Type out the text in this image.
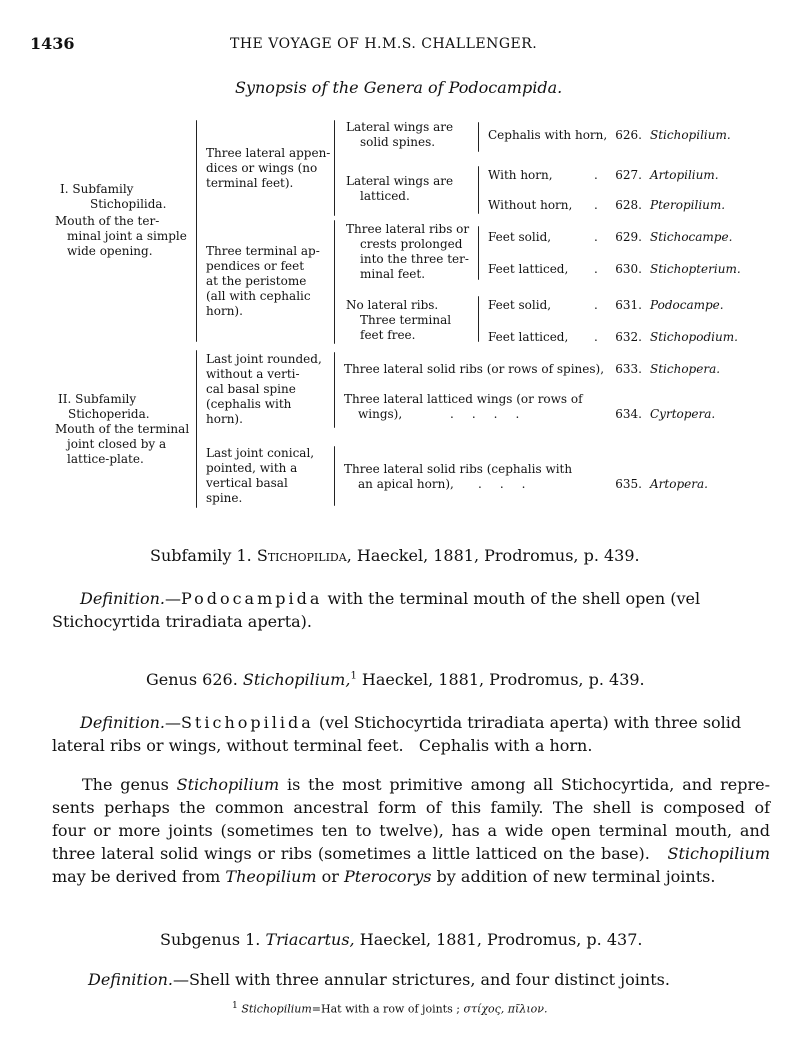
1436	THE VOYAGE OF H.M.S. CHALLENGER.
Synopsis of the Genera of Podocampida.
I. Subfamily
Stichopilida.
Mouth of the ter-
minal joint a simple
wide opening.
II. Subfamily
Stichoperida.
Mouth of the terminal
joint closed by a
lattice-plate.
Three lateral appen-
dices or wings (no
terminal feet).
Three terminal ap-
pendices or feet
at the peristome
(all with cephalic
horn).
Last joint rounded,
without a verti-
cal basal spine
(cephalis with
horn).
Last joint conical,
pointed, with a
vertical basal
spine.
Lateral wings are
solid spines.
Lateral wings are
latticed.
Three lateral ribs or
crests prolonged
into the three ter-
minal feet.
No lateral ribs.
Three terminal
feet free.
Cephalis with horn,
With horn,
Without horn,
Feet solid,
Feet latticed,
Feet solid,
Feet latticed,
Three lateral solid ribs (or rows of spines),
Three lateral latticed wings (or rows of
wings),
Three lateral solid ribs (cephalis with
an apical horn),
.
.
.
.
.
.
....
...
626.
627.
628.
629.
630.
631.
632.
633.
634.
635.
Stichopilium.
Artopilium.
Pteropilium.
Stichocampe.
Stichopterium.
Podocampe.
Stichopodium.
Stichopera.
Cyrtopera.
Artopera.
Subfamily 1. Stichopilida, Haeckel, 1881, Prodromus, p. 439.
Definition.—Podocampida with the terminal mouth of the shell open (vel
Stichocyrtida triradiata aperta).
Genus 626. Stichopilium,$^1$ Haeckel, 1881, Prodromus, p. 439.
Definition.—Stichopilida (vel Stichocyrtida triradiata aperta) with three solid
lateral ribs or wings, without terminal feet.   Cephalis with a horn.
The genus Stichopilium is the most primitive among all Stichocyrtida, and repre-
sents perhaps the common ancestral form of this family. The shell is composed of
four or more joints (sometimes ten to twelve), has a wide open terminal mouth, and
three lateral solid wings or ribs (sometimes a little latticed on the base).   Stichopilium
may be derived from Theopilium or Pterocorys by addition of new terminal joints.
Subgenus 1. Triacartus, Haeckel, 1881, Prodromus, p. 437.
Definition.—Shell with three annular strictures, and four distinct joints.
$^1$ Stichopilium=Hat with a row of joints ; στίχος, πῖλιον.
